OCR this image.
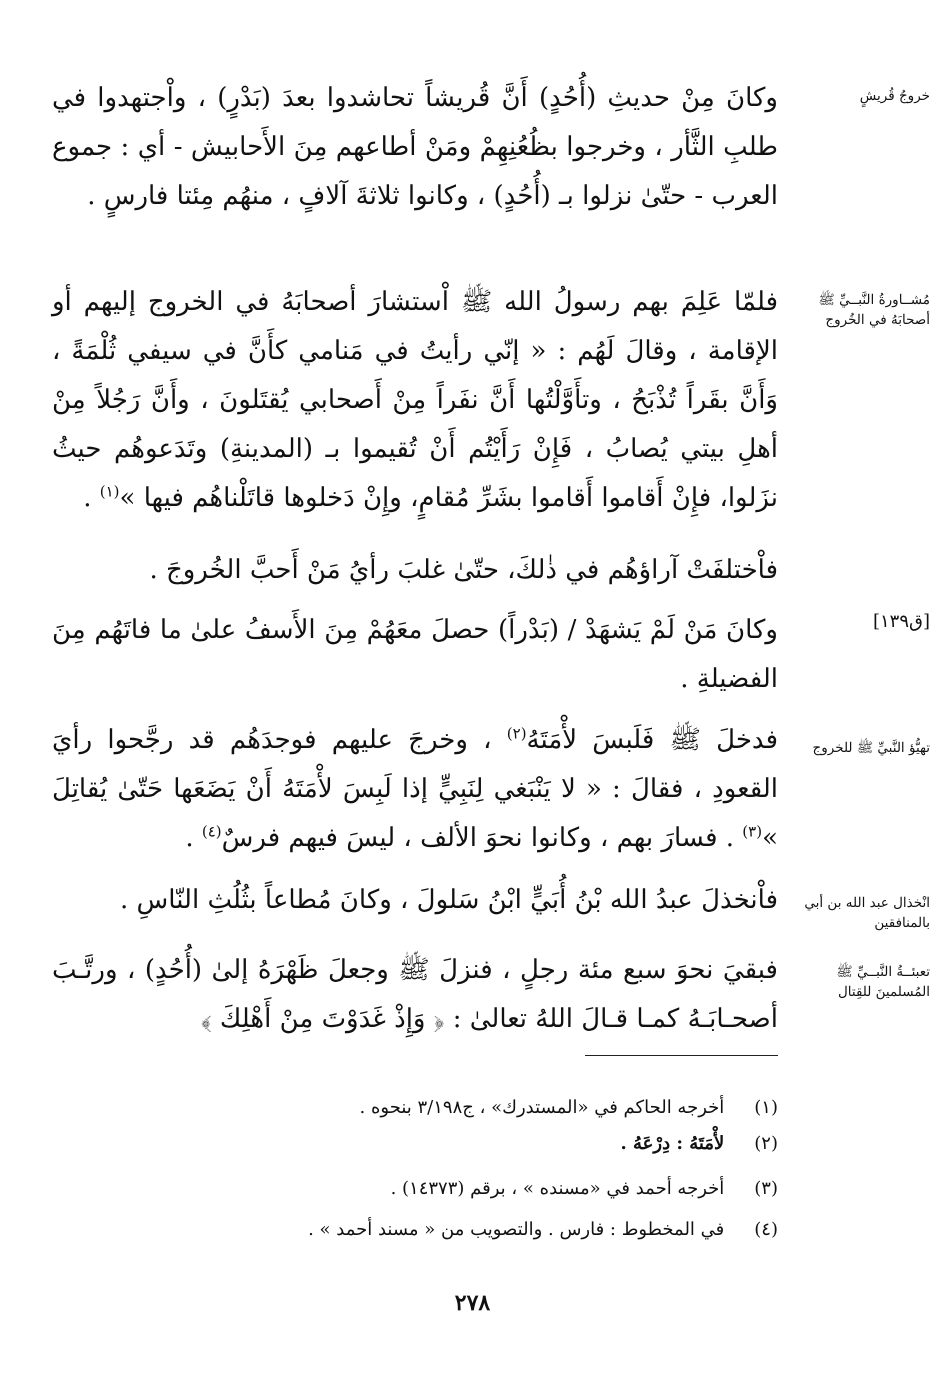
خروجُ قُريشٍ
مُشــاورةُ النَّبــيِّ ﷺ أصحابَهُ في الخُروج
[ق١٣٩]
تهيُّؤ النَّبيِّ ﷺ للخروج
انْخذال عبد الله بن أبي بالمنافقين
تعبئــةُ النَّبــيِّ ﷺ المُسلمينَ للقِتال
وكانَ مِنْ حديثِ (أُحُدٍ) أَنَّ قُريشاً تحاشدوا بعدَ (بَدْرٍ) ، واْجتهدوا في طلبِ الثَّأر ، وخرجوا بظُعُنِهِمْ ومَنْ أطاعهم مِنَ الأَحابيش - أي : جموع العرب - حتّىٰ نزلوا بـ (أُحُدٍ) ، وكانوا ثلاثةَ آلافٍ ، منهُم مِئتا فارسٍ .
فلمّا عَلِمَ بهم رسولُ الله ﷺ اْستشارَ أصحابَهُ في الخروج إليهم أو الإقامة ، وقالَ لَهُم : « إنّي رأيتُ في مَنامي كأَنَّ في سيفي ثُلْمَةً ، وَأَنَّ بقَراً تُذْبَحُ ، وتأَوَّلْتُها أَنَّ نفَراً مِنْ أَصحابي يُقتَلونَ ، وأَنَّ رَجُلاً مِنْ أهلِ بيتي يُصابُ ، فَإِنْ رَأَيْتُم أَنْ تُقيموا بـ (المدينةِ) وتَدَعوهُم حيثُ نزَلوا، فإِنْ أَقاموا أَقاموا بشَرِّ مُقامٍ، وإِنْ دَخلوها قاتَلْناهُم فيها »$^{(١)}$ .
فاْختلفَتْ آراؤهُم في ذٰلكَ، حتّىٰ غلبَ رأيُ مَنْ أَحبَّ الخُروجَ .
وكانَ مَنْ لَمْ يَشهَدْ / (بَدْراً) حصلَ معَهُمْ مِنَ الأَسفُ علىٰ ما فاتَهُم مِنَ الفضيلةِ .
فدخلَ ﷺ فَلَبسَ لأْمَتَهُ$^{(٢)}$ ، وخرجَ عليهم فوجدَهُم قد رجَّحوا رأيَ القعودِ ، فقالَ : « لا يَنْبَغي لِنَبِيٍّ إذا لَبِسَ لأْمَتَهُ أَنْ يَضَعَها حَتّىٰ يُقاتِلَ »$^{(٣)}$ . فسارَ بهم ، وكانوا نحوَ الألف ، ليسَ فيهم فرسٌ$^{(٤)}$ .
فاْنخذلَ عبدُ الله بْنُ أُبَيٍّ ابْنُ سَلولَ ، وكانَ مُطاعاً بثُلُثِ النّاسِ .
فبقيَ نحوَ سبع مئة رجلٍ ، فنزلَ ﷺ وجعلَ ظَهْرَهُ إلىٰ (أُحُدٍ) ، ورتَّـبَ أصحـابَـهُ كمـا قـالَ اللهُ تعالىٰ : ﴿ وَإِذْ غَدَوْتَ مِنْ أَهْلِكَ ﴾
(١) أخرجه الحاكم في «المستدرك» ، ج٣/١٩٨ بنحوه .
(٢) لأْمَتَهُ : دِرْعَهُ .
(٣) أخرجه أحمد في «مسنده » ، برقم (١٤٣٧٣) .
(٤) في المخطوط : فارس . والتصويب من « مسند أحمد » .
٢٧٨
